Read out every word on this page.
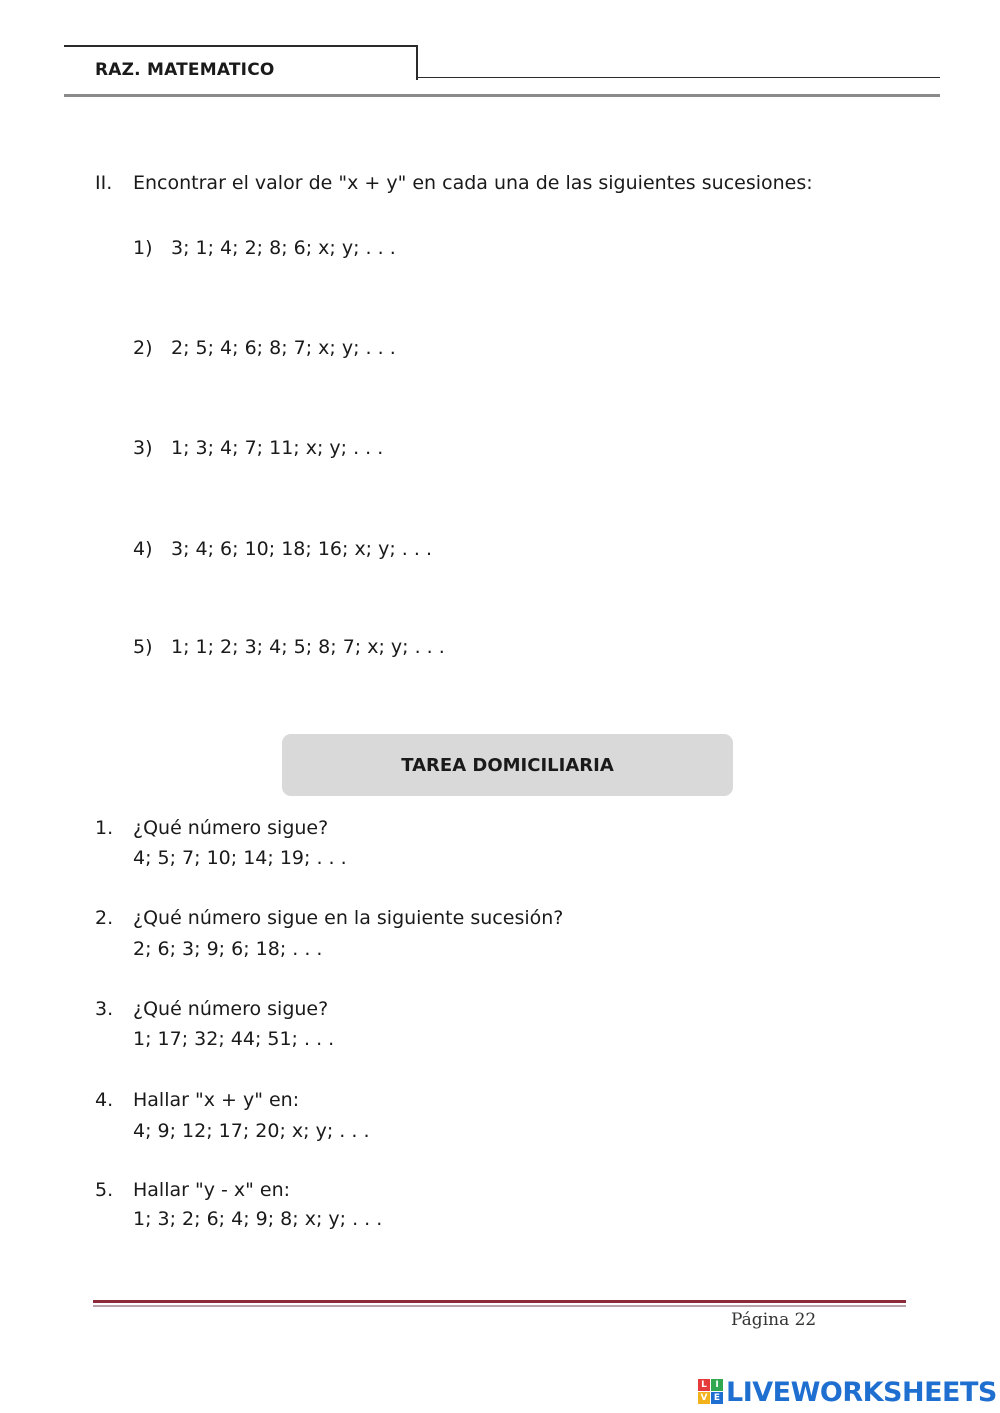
RAZ. MATEMATICO
II. Encontrar el valor de "x + y" en cada una de las siguientes sucesiones:
1) 3; 1; 4; 2; 8; 6; x; y; . . .
2) 2; 5; 4; 6; 8; 7; x; y; . . .
3) 1; 3; 4; 7; 11; x; y; . . .
4) 3; 4; 6; 10; 18; 16; x; y; . . .
5) 1; 1; 2; 3; 4; 5; 8; 7; x; y; . . .
TAREA DOMICILIARIA
1. ¿Qué número sigue?
4; 5; 7; 10; 14; 19; . . .
2. ¿Qué número sigue en la siguiente sucesión?
2; 6; 3; 9; 6; 18; . . .
3. ¿Qué número sigue?
1; 17; 32; 44; 51; . . .
4. Hallar "x + y" en:
4; 9; 12; 17; 20; x; y; . . .
5. Hallar "y - x" en:
1; 3; 2; 6; 4; 9; 8; x; y; . . .
Página 22
L I
V E LIVEWORKSHEETS
